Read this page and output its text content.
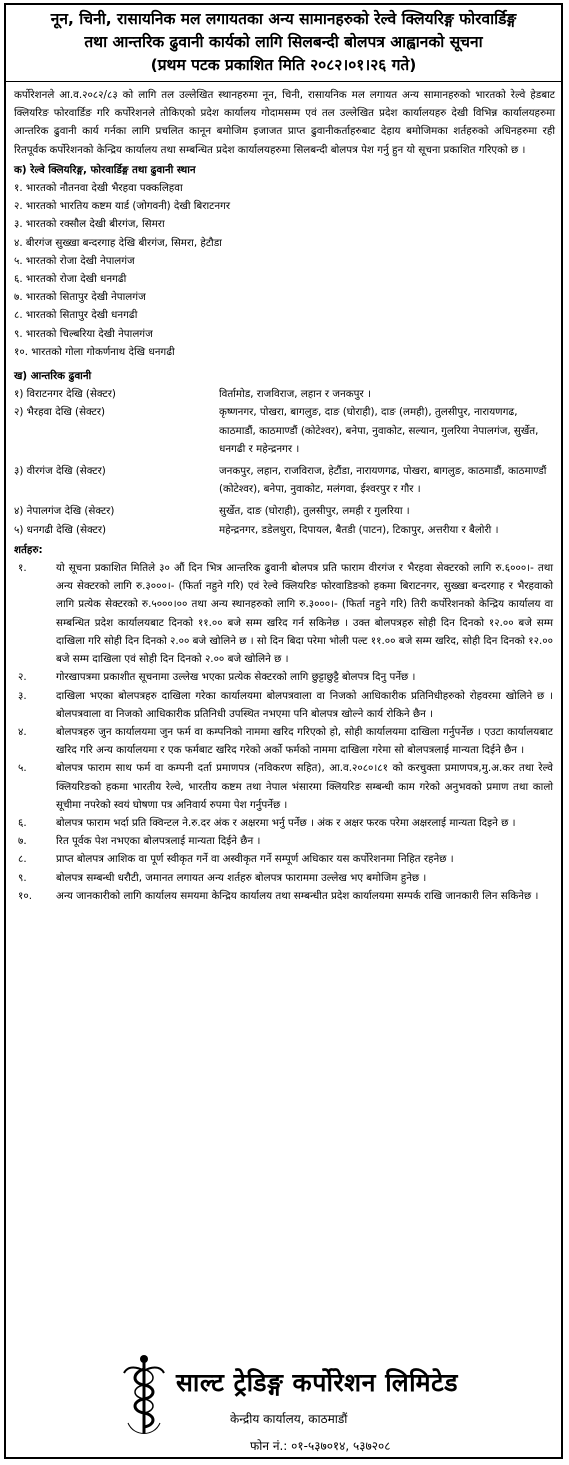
नून, चिनी, रासायनिक मल लगायतका अन्य सामानहरुको रेल्वे क्लियरिङ्ग फोरवार्डिङ्ग
तथा आन्तरिक ढुवानी कार्यको लागि सिलबन्दी बोलपत्र आह्वानको सूचना
(प्रथम पटक प्रकाशित मिति २०८२।०१।२६ गते)
कर्पोरेशनले आ.व.२०८२/८३ को लागि तल उल्लेखित स्थानहरुमा नून, चिनी, रासायनिक मल लगायत अन्य सामानहरुको भारतको रेल्वे हेडबाट क्लियरिङ फोरवार्डिङ गरि कर्पोरेशनले तोकिएको प्रदेश कार्यालय गोदामसम्म एवं तल उल्लेखित प्रदेश कार्यालयहरु देखी विभिन्न कार्यालयहरुमा आन्तरिक ढुवानी कार्य गर्नका लागि प्रचलित कानून बमोजिम इजाजत प्राप्त ढुवानीकर्ताहरुबाट देहाय बमोजिमका शर्तहरुको अधिनहरुमा रही रितपूर्वक कर्पोरेशनको केन्द्रिय कार्यालय तथा सम्बन्धित प्रदेश कार्यालयहरुमा सिलबन्दी बोलपत्र पेश गर्नु हुन यो सूचना प्रकाशित गरिएको छ ।
क) रेल्वे क्लियरिङ्ग, फोरवार्डिङ्ग तथा ढुवानी स्थान
१. भारतको नौतनवा देखी भैरहवा पक्कलिहवा
२. भारतको भारतिय कष्टम यार्ड (जोगवनी) देखी बिराटनगर
३. भारतको रक्सौल देखी बीरगंज, सिमरा
४. बीरगंज सुख्खा बन्दरगाह देखि बीरगंज, सिमरा, हेटौडा
५. भारतको रोजा देखी नेपालगंज
६. भारतको रोजा देखी धनगढी
७. भारतको सितापुर देखी नेपालगंज
८. भारतको सितापुर देखी धनगढी
९. भारतको चिल्बरिया देखी नेपालगंज
१०. भारतको गोला गोकर्णनाथ देखि धनगढी
ख) आन्तरिक ढुवानी
१) विराटनगर देखि (सेक्टर)	विर्तामोड, राजविराज, लहान र जनकपुर ।
२) भैरहवा देखि (सेक्टर)	कृष्णनगर, पोखरा, बागलुङ, दाङ (घोराही), दाङ (लमही), तुलसीपुर, नारायणगढ, काठमाडौं, काठमाण्डौं (कोटेश्वर), बनेपा, नुवाकोट, सल्यान, गुलरिया नेपालगंज, सुर्खेत, धनगढी र महेन्द्रनगर ।
३) वीरगंज देखि (सेक्टर)	जनकपुर, लहान, राजविराज, हेटौंडा, नारायणगढ, पोखरा, बागलुङ, काठमाडौं, काठमाण्डौं (कोटेश्वर), बनेपा, नुवाकोट, मलंगवा, ईश्वरपुर र गौर ।
४) नेपालगंज देखि (सेक्टर)	सुर्खेत, दाङ (घोराही), तुलसीपुर, लमही र गुलरिया ।
५) धनगढी देखि (सेक्टर)	महेन्द्रनगर, डडेलधुरा, दिपायल, बैतडी (पाटन), टिकापुर, अत्तरीया र बैलोरी ।
शर्तहरु:
१.	यो सूचना प्रकाशित मितिले ३० औं दिन भित्र आन्तरिक ढुवानी बोलपत्र प्रति फाराम वीरगंज र भैरहवा सेक्टरको लागि रु.६०००।- तथा अन्य सेक्टरको लागि रु.३०००।- (फिर्ता नहुने गरि) एवं रेल्वे क्लियरिङ फोरवाडिङको हकमा बिराटनगर, सुख्खा बन्दरगाह र भैरहवाको लागि प्रत्येक सेक्टरको रु.५०००।०० तथा अन्य स्थानहरुको लागि रु.३०००।- (फिर्ता नहुने गरि) तिरी कर्पोरेशनको केन्द्रिय कार्यालय वा सम्बन्धित प्रदेश कार्यालयबाट दिनको ११.०० बजे सम्म खरिद गर्न सकिनेछ । उक्त बोलपत्रहरु सोही दिन दिनको १२.०० बजे सम्म दाखिला गरि सोही दिन दिनको २.०० बजे खोलिने छ । सो दिन बिदा परेमा भोली पल्ट ११.०० बजे सम्म खरिद, सोही दिन दिनको १२.०० बजे सम्म दाखिला एवं सोही दिन दिनको २.०० बजे खोलिने छ ।
२.	गोरखापत्रमा प्रकाशीत सूचनामा उल्लेख भएका प्रत्येक सेक्टरको लागि छुट्टाछुट्टै बोलपत्र दिनु पर्नेछ ।
३.	दाखिला भएका बोलपत्रहरु दाखिला गरेका कार्यालयमा बोलपत्रवाला वा निजको आधिकारीक प्रतिनिधीहरुको रोहवरमा खोलिने छ । बोलपत्रवाला वा निजको आधिकारीक प्रतिनिधी उपस्थित नभएमा पनि बोलपत्र खोल्ने कार्य रोकिने छैन ।
४.	बोलपत्रहरु जुन कार्यालयमा जुन फर्म वा कम्पनिको नाममा खरिद गरिएको हो, सोही कार्यालयमा दाखिला गर्नुपर्नेछ । एउटा कार्यालयबाट खरिद गरि अन्य कार्यालयमा र एक फर्मबाट खरिद गरेको अर्को फर्मको नाममा दाखिला गरेमा सो बोलपत्रलाई मान्यता दिईने छैन ।
५.	बोलपत्र फाराम साथ फर्म वा कम्पनी दर्ता प्रमाणपत्र (नविकरण सहित), आ.व.२०८०।८१ को करचुक्ता प्रमाणपत्र,मु.अ.कर तथा रेल्वे क्लियरिङको हकमा भारतीय रेल्वे, भारतीय कष्टम तथा नेपाल भंसारमा क्लियरिङ सम्बन्धी काम गरेको अनुभवको प्रमाण तथा कालो सूचीमा नपरेको स्वयं घोषणा पत्र अनिवार्य रुपमा पेश गर्नुपर्नेछ ।
६.	बोलपत्र फाराम भर्दा प्रति क्विन्टल ने.रु.दर अंक र अक्षरमा भर्नु पर्नेछ । अंक र अक्षर फरक परेमा अक्षरलाई मान्यता दिइने छ ।
७.	रित पूर्वक पेश नभएका बोलपत्रलाई मान्यता दिईने छैन ।
८.	प्राप्त बोलपत्र आशिक वा पूर्ण स्वीकृत गर्ने वा अस्वीकृत गर्ने सम्पूर्ण अधिकार यस कर्पोरेशनमा निहित रहनेछ ।
९.	बोलपत्र सम्बन्धी धरौटी, जमानत लगायत अन्य शर्तहरु बोलपत्र फाराममा उल्लेख भए बमोजिम हुनेछ ।
१०.	अन्य जानकारीको लागि कार्यालय समयमा केन्द्रिय कार्यालय तथा सम्बन्धीत प्रदेश कार्यालयमा सम्पर्क राखि जानकारी लिन सकिनेछ ।
साल्ट ट्रेडिङ्ग कर्पोरेशन लिमिटेड
केन्द्रीय कार्यालय, काठमाडौं
फोन नं.: ०१-५३७०१४, ५३७२०८
